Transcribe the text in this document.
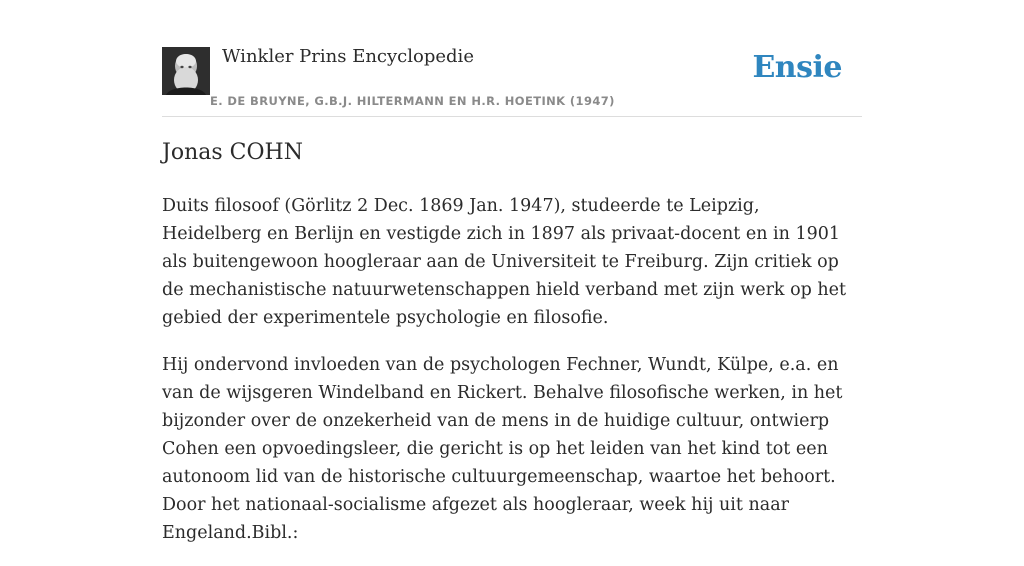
Winkler Prins Encyclopedie
E. DE BRUYNE, G.B.J. HILTERMANN EN H.R. HOETINK (1947)
Ensie
Jonas COHN

Duits filosoof (Görlitz 2 Dec. 1869 Jan. 1947), studeerde te Leipzig, Heidelberg en Berlijn en vestigde zich in 1897 als privaat-docent en in 1901 als buitengewoon hoogleraar aan de Universiteit te Freiburg. Zijn critiek op de mechanistische natuurwetenschappen hield verband met zijn werk op het gebied der experimentele psychologie en filosofie.

Hij ondervond invloeden van de psychologen Fechner, Wundt, Külpe, e.a. en van de wijsgeren Windelband en Rickert. Behalve filosofische werken, in het bijzonder over de onzekerheid van de mens in de huidige cultuur, ontwierp Cohen een opvoedingsleer, die gericht is op het leiden van het kind tot een autonoom lid van de historische cultuurgemeenschap, waartoe het behoort. Door het nationaal-socialisme afgezet als hoogleraar, week hij uit naar Engeland.Bibl.:
